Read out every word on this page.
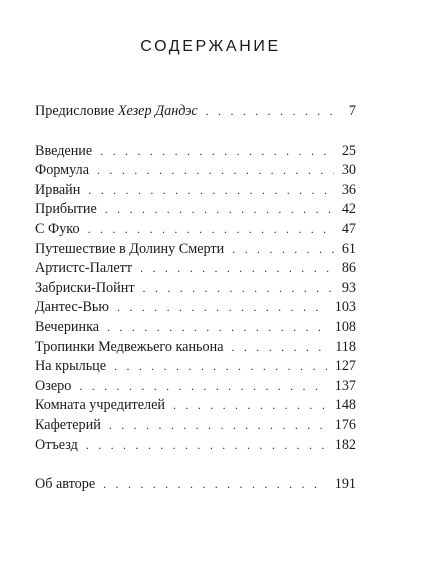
СОДЕРЖАНИЕ
Предисловие Хезер Дандэс . . .	7
Введение . . .	25
Формула . . .	30
Ирвайн . . .	36
Прибытие . . .	42
С Фуко . . .	47
Путешествие в Долину Смерти . . .	61
Артистс-Палетт . . .	86
Забриски-Пойнт . . .	93
Дантес-Вью . . .	103
Вечеринка . . .	108
Тропинки Медвежьего каньона . . .	118
На крыльце . . .	127
Озеро . . .	137
Комната учредителей . . .	148
Кафетерий . . .	176
Отъезд . . .	182
Об авторе . . .	191
